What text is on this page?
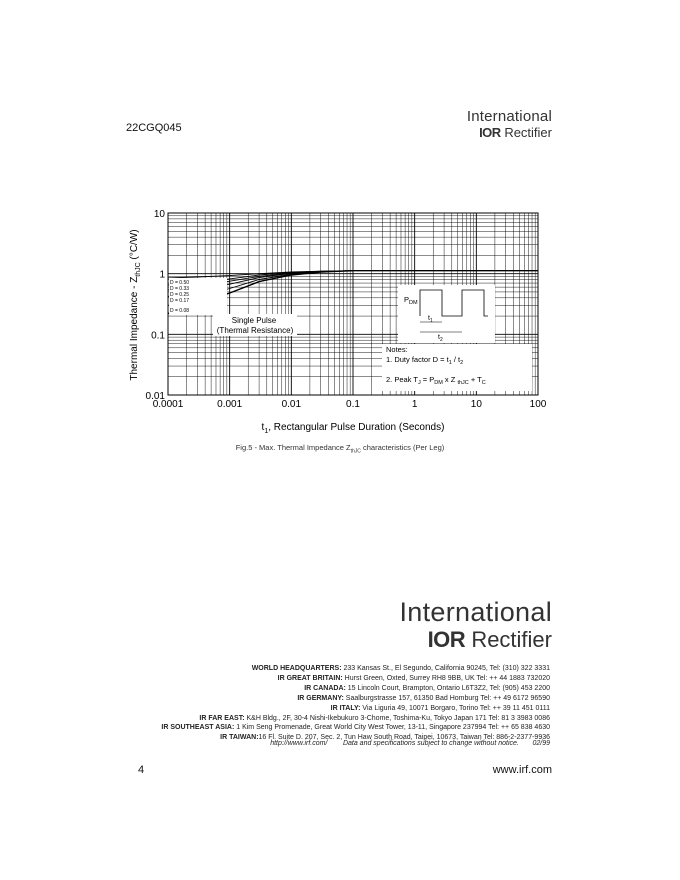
22CGQ045
International
IOR Rectifier
0.0001	0.001	0.01	0.1	1	10	100
0.01
0.1
1
10
D = 0.50
D = 0.33
D = 0.25
D = 0.17
D = 0.08
Single Pulse
(Thermal Resistance)
$P_{DM}$
$t_1$
$t_2$
Notes:
1. Duty factor $D = t_1 / t_2$
2. Peak $T_J = P_{DM}$ x Z $_{thJC} + T_C$
$t_1$, Rectangular Pulse Duration (Seconds)
Thermal Impedance - $Z_{thJC}$ (°C/W)
Fig.5 - Max. Thermal Impedance $Z_{thJC}$ characteristics (Per Leg)
International
IOR Rectifier
WORLD HEADQUARTERS: 233 Kansas St., El Segundo, California 90245, Tel: (310) 322 3331
IR GREAT BRITAIN: Hurst Green, Oxted, Surrey RH8 9BB, UK Tel: ++ 44 1883 732020
IR CANADA: 15 Lincoln Court, Brampton, Ontario L6T3Z2, Tel: (905) 453 2200
IR GERMANY: Saalburgstrasse 157, 61350 Bad Homburg Tel: ++ 49 6172 96590
IR ITALY: Via Liguria 49, 10071 Borgaro, Torino Tel: ++ 39 11 451 0111
IR FAR EAST: K&H Bldg., 2F, 30-4 Nishi-Ikebukuro 3-Chome, Toshima-Ku, Tokyo Japan 171 Tel: 81 3 3983 0086
IR SOUTHEAST ASIA: 1 Kim Seng Promenade, Great World City West Tower, 13-11, Singapore 237994 Tel: ++ 65 838 4630
IR TAIWAN:16 Fl. Suite D. 207, Sec. 2, Tun Haw South Road, Taipei, 10673, Taiwan Tel: 886-2-2377-9936
http://www.irf.com/ Data and specifications subject to change without notice. 02/99
4	www.irf.com
